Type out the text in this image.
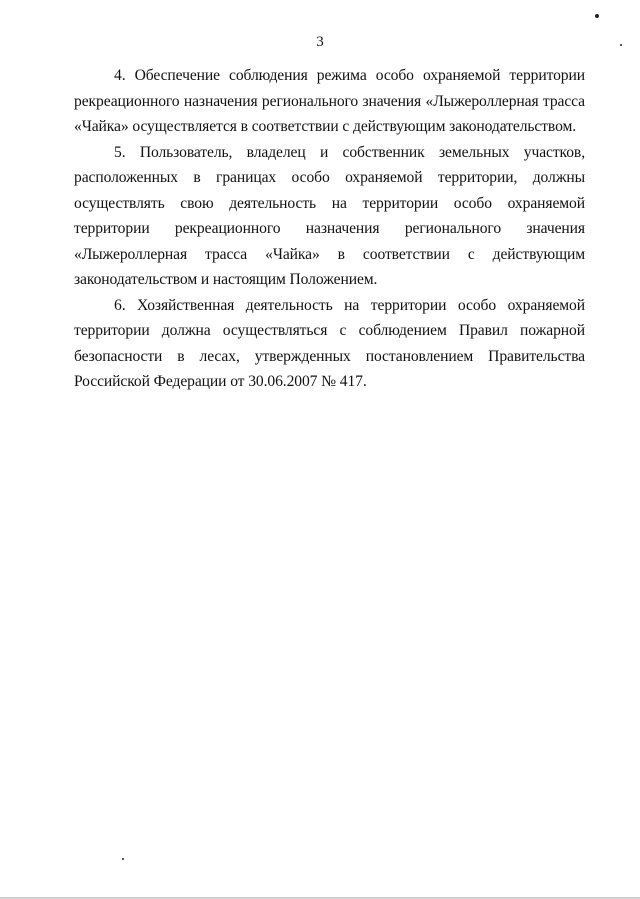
3

4. Обеспечение соблюдения режима особо охраняемой территории рекреационного назначения регионального значения «Лыжероллерная трасса «Чайка» осуществляется в соответствии с действующим законодательством.

5. Пользователь, владелец и собственник земельных участков, расположенных в границах особо охраняемой территории, должны осуществлять свою деятельность на территории особо охраняемой территории рекреационного назначения регионального значения «Лыжероллерная трасса «Чайка» в соответствии с действующим законодательством и настоящим Положением.

6. Хозяйственная деятельность на территории особо охраняемой территории должна осуществляться с соблюдением Правил пожарной безопасности в лесах, утвержденных постановлением Правительства Российской Федерации от 30.06.2007 № 417.
